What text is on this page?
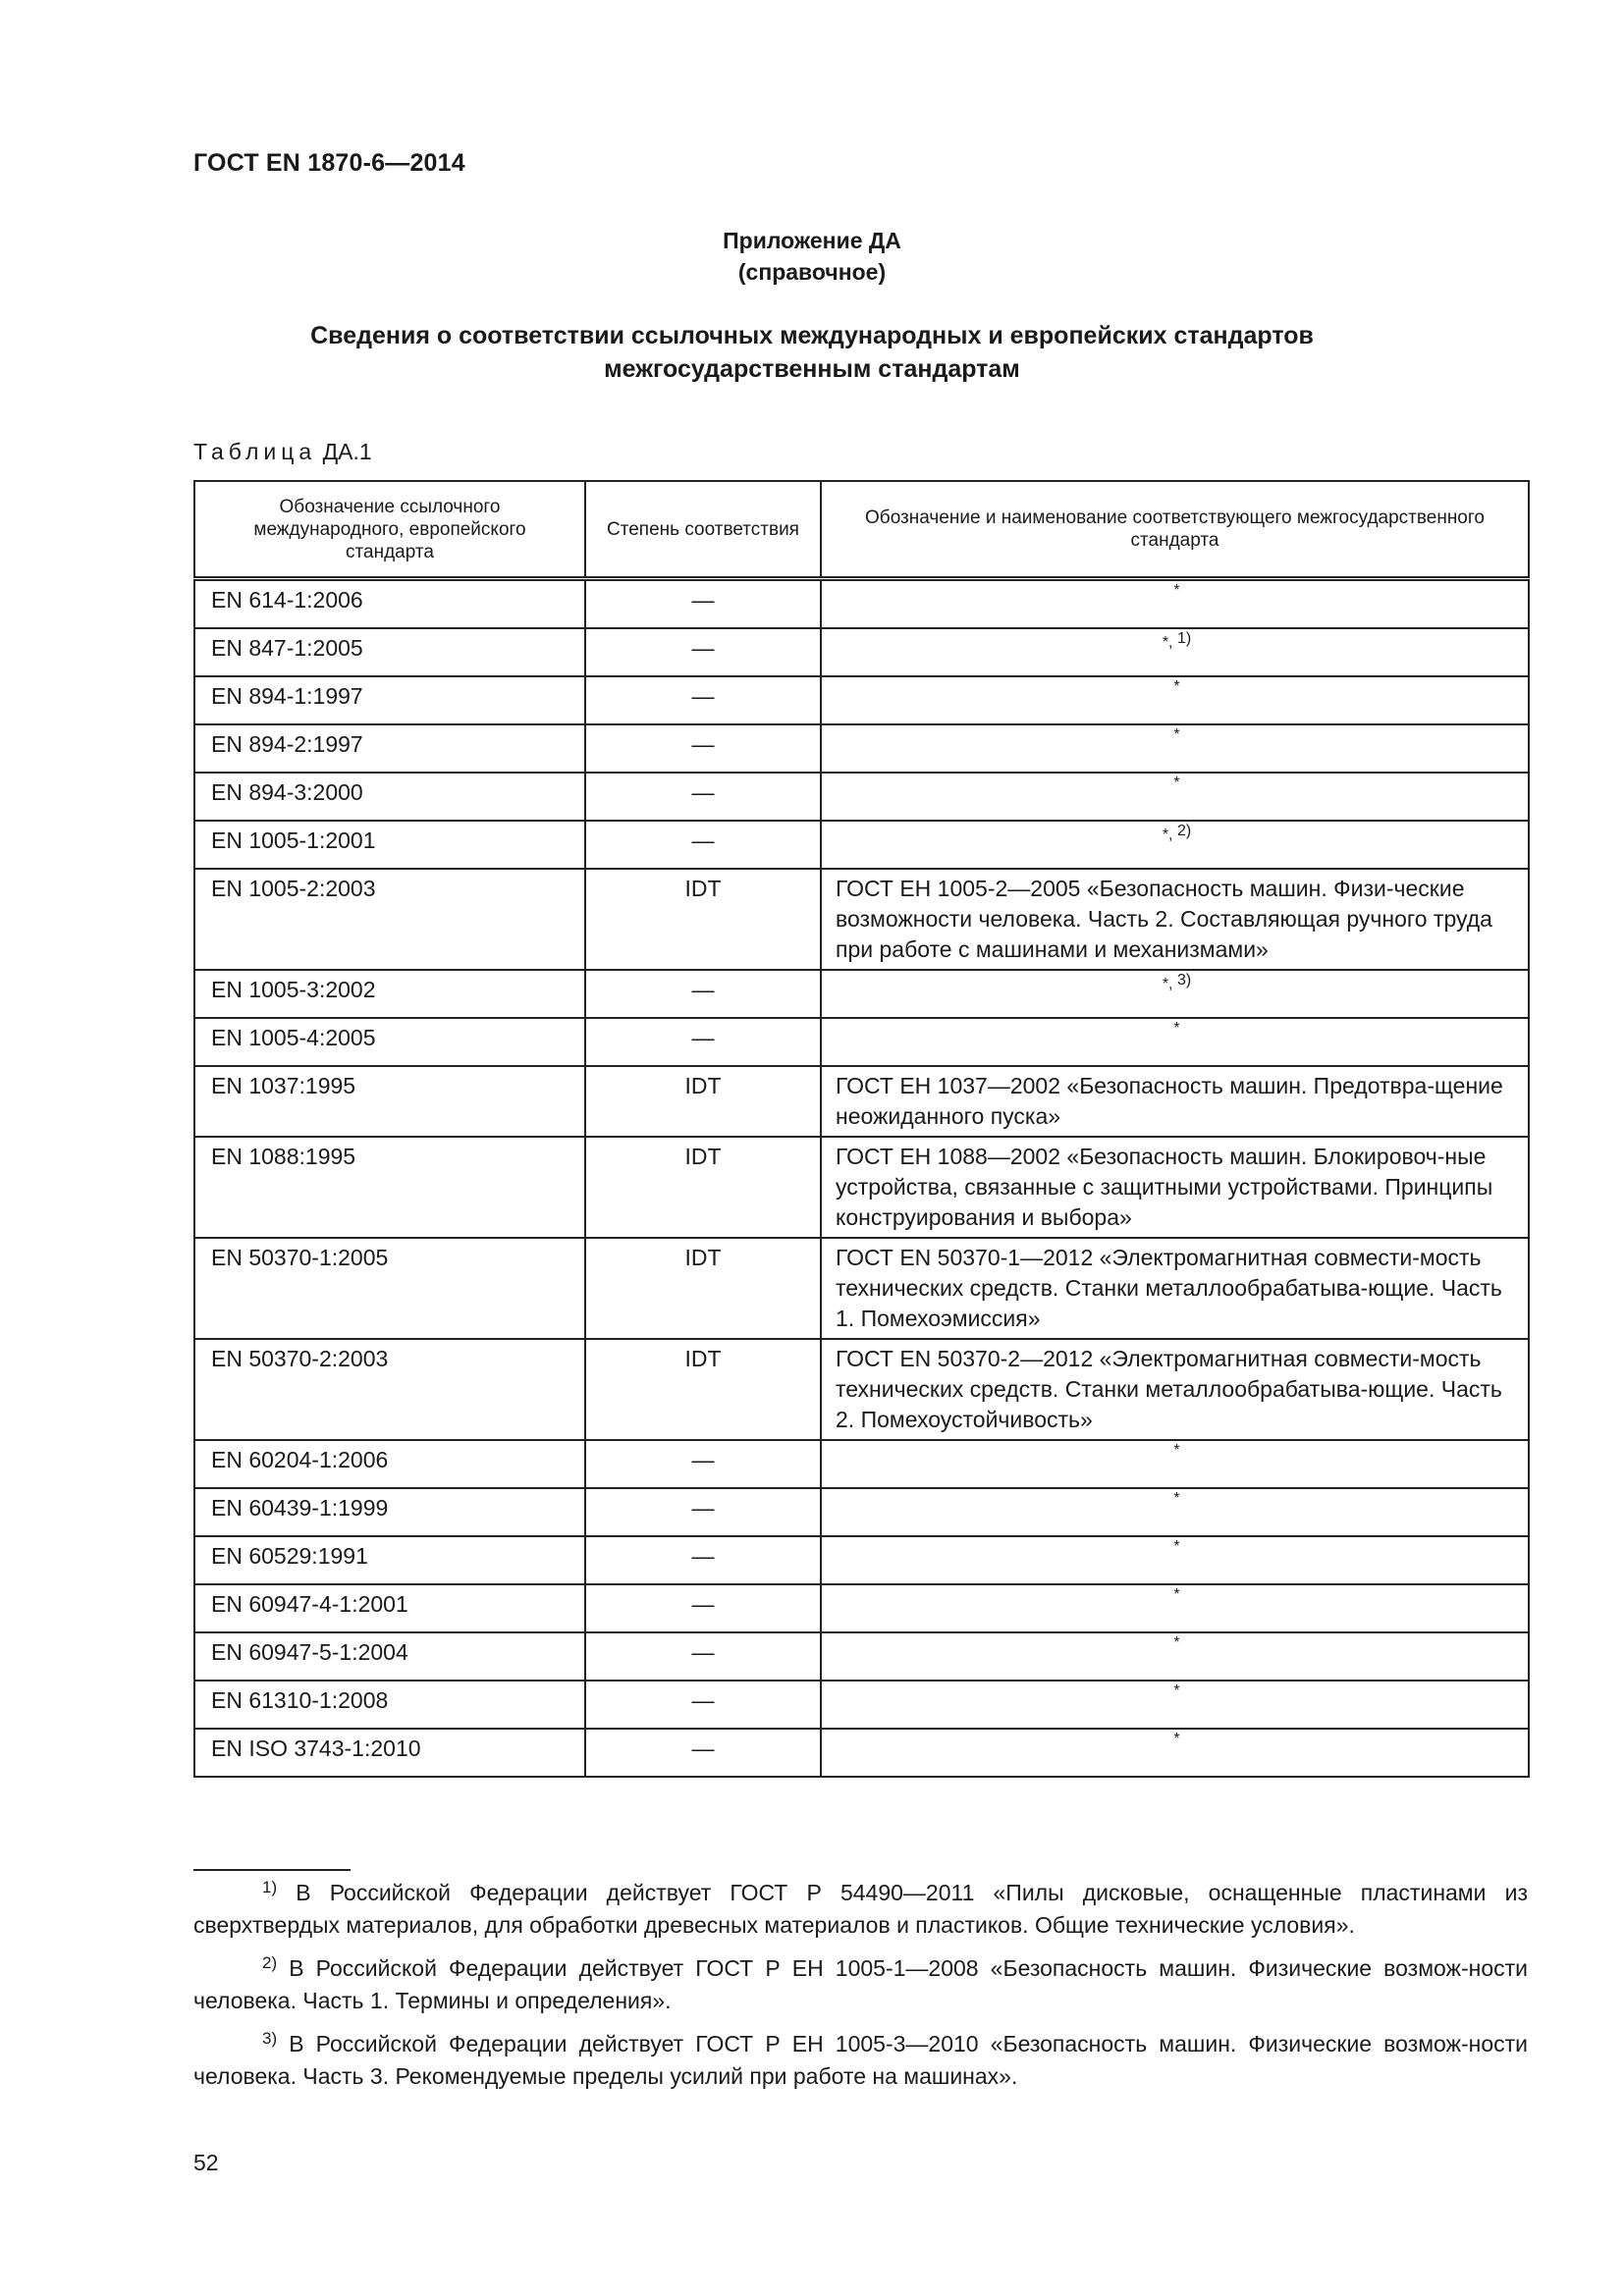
ГОСТ EN 1870-6—2014
Приложение ДА
(справочное)
Сведения о соответствии ссылочных международных и европейских стандартов
межгосударственным стандартам
Таблица ДА.1
Обозначение ссылочного международного, европейского стандарта	Степень соответствия	Обозначение и наименование соответствующего межгосударственного стандарта
EN 614-1:2006	—	*

EN 847-1:2005	—	*, $^{1)}$

EN 894-1:1997	—	*

EN 894-2:1997	—	*

EN 894-3:2000	—	*

EN 1005-1:2001	—	*, $^{2)}$

EN 1005-2:2003	IDT	ГОСТ ЕН 1005-2—2005 «Безопасность машин. Физи-ческие возможности человека. Часть 2. Составляющая ручного труда при работе с машинами и механизмами»
EN 1005-3:2002	—	*, $^{3)}$

EN 1005-4:2005	—	*

EN 1037:1995	IDT	ГОСТ ЕН 1037—2002 «Безопасность машин. Предотвра-щение неожиданного пуска»
EN 1088:1995	IDT	ГОСТ ЕН 1088—2002 «Безопасность машин. Блокировоч-ные устройства, связанные с защитными устройствами. Принципы конструирования и выбора»
EN 50370-1:2005	IDT	ГОСТ EN 50370-1—2012 «Электромагнитная совмести-мость технических средств. Станки металлообрабатыва-ющие. Часть 1. Помехоэмиссия»
EN 50370-2:2003	IDT	ГОСТ EN 50370-2—2012 «Электромагнитная совмести-мость технических средств. Станки металлообрабатыва-ющие. Часть 2. Помехоустойчивость»
EN 60204-1:2006	—	*

EN 60439-1:1999	—	*

EN 60529:1991	—	*

EN 60947-4-1:2001	—	*

EN 60947-5-1:2004	—	*

EN 61310-1:2008	—	*

EN ISO 3743-1:2010	—	*

$^{1)}$ В Российской Федерации действует ГОСТ Р 54490—2011 «Пилы дисковые, оснащенные пластинами из сверхтвердых материалов, для обработки древесных материалов и пластиков. Общие технические условия».

$^{2)}$ В Российской Федерации действует ГОСТ Р ЕН 1005-1—2008 «Безопасность машин. Физические возмож-ности человека. Часть 1. Термины и определения».

$^{3)}$ В Российской Федерации действует ГОСТ Р ЕН 1005-3—2010 «Безопасность машин. Физические возмож-ности человека. Часть 3. Рекомендуемые пределы усилий при работе на машинах».

52
